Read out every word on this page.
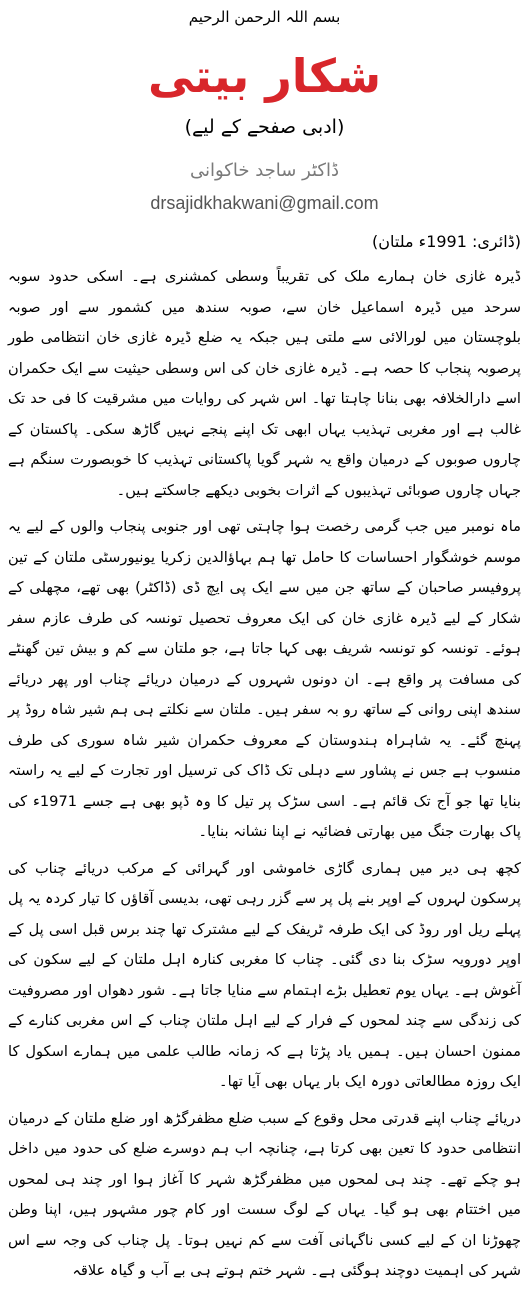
بسم اللہ الرحمن الرحیم
شکار بیتی
(ادبی صفحے کے لیے)
ڈاکٹر ساجد خاکوانی
drsajidkhakwani@gmail.com
(ڈائری: 1991ء ملتان)

ڈیرہ غازی خان ہمارے ملک کی تقریباً وسطی کمشنری ہے۔ اسکی حدود سوبہ سرحد میں ڈیرہ اسماعیل خان سے، صوبہ سندھ میں کشمور سے اور صوبہ بلوچستان میں لورالائی سے ملتی ہیں جبکہ یہ ضلع ڈیرہ غازی خان انتظامی طور پرصوبہ پنجاب کا حصہ ہے۔ ڈیرہ غازی خان کی اس وسطی حیثیت سے ایک حکمران اسے دارالخلافہ بھی بنانا چاہتا تھا۔ اس شہر کی روایات میں مشرقیت کا فی حد تک غالب ہے اور مغربی تہذیب یہاں ابھی تک اپنے پنجے نہیں گاڑھ سکی۔ پاکستان کے چاروں صوبوں کے درمیان واقع یہ شہر گویا پاکستانی تہذیب کا خوبصورت سنگم ہے جہاں چاروں صوبائی تہذیبوں کے اثرات بخوبی دیکھے جاسکتے ہیں۔

ماہ نومبر میں جب گرمی رخصت ہوا چاہتی تھی اور جنوبی پنجاب والوں کے لیے یہ موسم خوشگوار احساسات کا حامل تھا ہم بہاؤالدین زکریا یونیورسٹی ملتان کے تین پروفیسر صاحبان کے ساتھ جن میں سے ایک پی ایچ ڈی (ڈاکٹر) بھی تھے، مچھلی کے شکار کے لیے ڈیرہ غازی خان کی ایک معروف تحصیل تونسہ کی طرف عازم سفر ہوئے۔ تونسہ کو تونسہ شریف بھی کہا جاتا ہے، جو ملتان سے کم و بیش تین گھنٹے کی مسافت پر واقع ہے۔ ان دونوں شہروں کے درمیان دریائے چناب اور پھر دریائے سندھ اپنی روانی کے ساتھ رو بہ سفر ہیں۔ ملتان سے نکلتے ہی ہم شیر شاہ روڈ پر پہنچ گئے۔ یہ شاہراہ ہندوستان کے معروف حکمران شیر شاہ سوری کی طرف منسوب ہے جس نے پشاور سے دہلی تک ڈاک کی ترسیل اور تجارت کے لیے یہ راستہ بنایا تھا جو آج تک قائم ہے۔ اسی سڑک پر تیل کا وہ ڈپو بھی ہے جسے 1971ء کی پاک بھارت جنگ میں بھارتی فضائیہ نے اپنا نشانہ بنایا۔

کچھ ہی دیر میں ہماری گاڑی خاموشی اور گہرائی کے مرکب دریائے چناب کی پرسکون لہروں کے اوپر بنے پل پر سے گزر رہی تھی، بدیسی آقاؤں کا تیار کردہ یہ پل پہلے ریل اور روڈ کی ایک طرفہ ٹریفک کے لیے مشترک تھا چند برس قبل اسی پل کے اوپر دورویہ سڑک بنا دی گئی۔ چناب کا مغربی کنارہ اہل ملتان کے لیے سکون کی آغوش ہے۔ یہاں یوم تعطیل بڑے اہتمام سے منایا جاتا ہے۔ شور دھواں اور مصروفیت کی زندگی سے چند لمحوں کے فرار کے لیے اہل ملتان چناب کے اس مغربی کنارے کے ممنون احسان ہیں۔ ہمیں یاد پڑتا ہے کہ زمانہ طالب علمی میں ہمارے اسکول کا ایک روزہ مطالعاتی دورہ ایک بار یہاں بھی آیا تھا۔

دریائے چناب اپنے قدرتی محل وقوع کے سبب ضلع مظفرگڑھ اور ضلع ملتان کے درمیان انتظامی حدود کا تعین بھی کرتا ہے، چنانچہ اب ہم دوسرے ضلع کی حدود میں داخل ہو چکے تھے۔ چند ہی لمحوں میں مظفرگڑھ شہر کا آغاز ہوا اور چند ہی لمحوں میں اختتام بھی ہو گیا۔ یہاں کے لوگ سست اور کام چور مشہور ہیں، اپنا وطن چھوڑنا ان کے لیے کسی ناگہانی آفت سے کم نہیں ہوتا۔ پل چناب کی وجہ سے اس شہر کی اہمیت دوچند ہوگئی ہے۔ شہر ختم ہوتے ہی بے آب و گیاہ علاقہ
